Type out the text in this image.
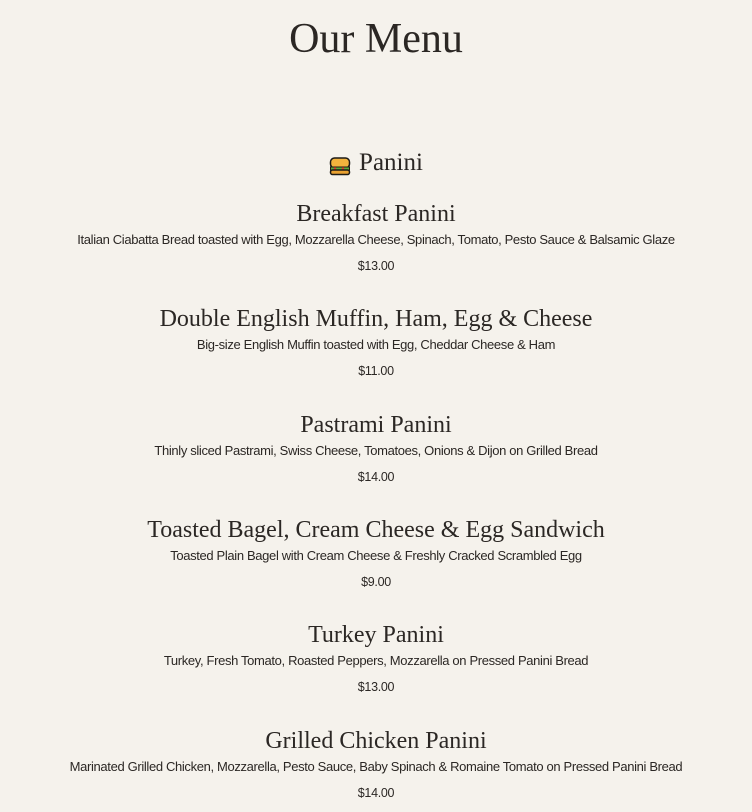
Our Menu
Panini
Breakfast Panini
Italian Ciabatta Bread toasted with Egg, Mozzarella Cheese, Spinach, Tomato, Pesto Sauce & Balsamic Glaze
$13.00
Double English Muffin, Ham, Egg & Cheese
Big-size English Muffin toasted with Egg, Cheddar Cheese & Ham
$11.00
Pastrami Panini
Thinly sliced Pastrami, Swiss Cheese, Tomatoes, Onions & Dijon on Grilled Bread
$14.00
Toasted Bagel, Cream Cheese & Egg Sandwich
Toasted Plain Bagel with Cream Cheese & Freshly Cracked Scrambled Egg
$9.00
Turkey Panini
Turkey, Fresh Tomato, Roasted Peppers, Mozzarella on Pressed Panini Bread
$13.00
Grilled Chicken Panini
Marinated Grilled Chicken, Mozzarella, Pesto Sauce, Baby Spinach & Romaine Tomato on Pressed Panini Bread
$14.00
